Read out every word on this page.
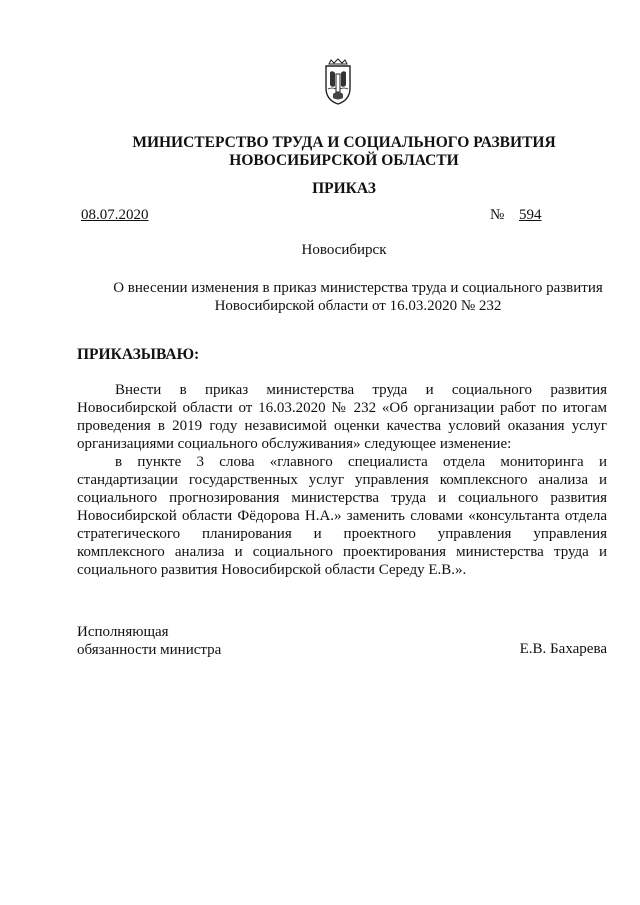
МИНИСТЕРСТВО ТРУДА И СОЦИАЛЬНОГО РАЗВИТИЯ
НОВОСИБИРСКОЙ ОБЛАСТИ
ПРИКАЗ
08.07.2020	№ 594
Новосибирск
О внесении изменения в приказ министерства труда и социального развития Новосибирской области от 16.03.2020 № 232
ПРИКАЗЫВАЮ:

Внести в приказ министерства труда и социального развития Новосибирской области от 16.03.2020 № 232 «Об организации работ по итогам проведения в 2019 году независимой оценки качества условий оказания услуг организациями социального обслуживания» следующее изменение:

в пункте 3 слова «главного специалиста отдела мониторинга и стандартизации государственных услуг управления комплексного анализа и социального прогнозирования министерства труда и социального развития Новосибирской области Фёдорова Н.А.» заменить словами «консультанта отдела стратегического планирования и проектного управления управления комплексного анализа и социального проектирования министерства труда и социального развития Новосибирской области Середу Е.В.».

Исполняющая
обязанности министра	Е.В. Бахарева
